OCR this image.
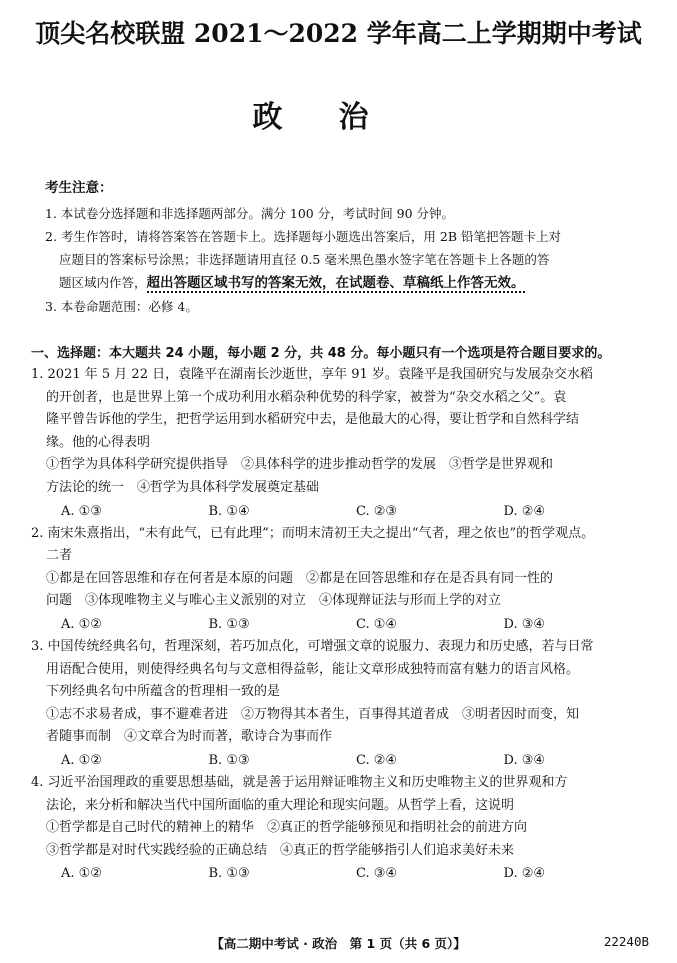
顶尖名校联盟 2021～2022 学年高二上学期期中考试
政治
考生注意：

1. 本试卷分选择题和非选择题两部分。满分 100 分，考试时间 90 分钟。

2. 考生作答时，请将答案答在答题卡上。选择题每小题选出答案后，用 2B 铅笔把答题卡上对

应题目的答案标号涂黑；非选择题请用直径 0.5 毫米黑色墨水签字笔在答题卡上各题的答

题区域内作答，超出答题区域书写的答案无效，在试题卷、草稿纸上作答无效。

3. 本卷命题范围：必修 4。

一、选择题：本大题共 24 小题，每小题 2 分，共 48 分。每小题只有一个选项是符合题目要求的。

1. 2021 年 5 月 22 日，袁隆平在湖南长沙逝世，享年 91 岁。袁隆平是我国研究与发展杂交水稻

的开创者，也是世界上第一个成功利用水稻杂种优势的科学家，被誉为“杂交水稻之父”。袁

隆平曾告诉他的学生，把哲学运用到水稻研究中去，是他最大的心得，要让哲学和自然科学结

缘。他的心得表明

①哲学为具体科学研究提供指导　②具体科学的进步推动哲学的发展　③哲学是世界观和

方法论的统一　④哲学为具体科学发展奠定基础

A. ①③	B. ①④	C. ②③	D. ②④

2. 南宋朱熹指出，“未有此气，已有此理”；而明末清初王夫之提出“气者，理之依也”的哲学观点。

二者

①都是在回答思维和存在何者是本原的问题　②都是在回答思维和存在是否具有同一性的

问题　③体现唯物主义与唯心主义派别的对立　④体现辩证法与形而上学的对立

A. ①②	B. ①③	C. ①④	D. ③④

3. 中国传统经典名句，哲理深刻，若巧加点化，可增强文章的说服力、表现力和历史感，若与日常

用语配合使用，则使得经典名句与文意相得益彰，能让文章形成独特而富有魅力的语言风格。

下列经典名句中所蕴含的哲理相一致的是

①志不求易者成，事不避难者进　②万物得其本者生，百事得其道者成　③明者因时而变，知

者随事而制　④文章合为时而著，歌诗合为事而作

A. ①②	B. ①③	C. ②④	D. ③④

4. 习近平治国理政的重要思想基础，就是善于运用辩证唯物主义和历史唯物主义的世界观和方

法论，来分析和解决当代中国所面临的重大理论和现实问题。从哲学上看，这说明

①哲学都是自己时代的精神上的精华　②真正的哲学能够预见和指明社会的前进方向

③哲学都是对时代实践经验的正确总结　④真正的哲学能够指引人们追求美好未来

A. ①②	B. ①③	C. ③④	D. ②④
【高二期中考试 · 政治　第 1 页（共 6 页）】	22240B
